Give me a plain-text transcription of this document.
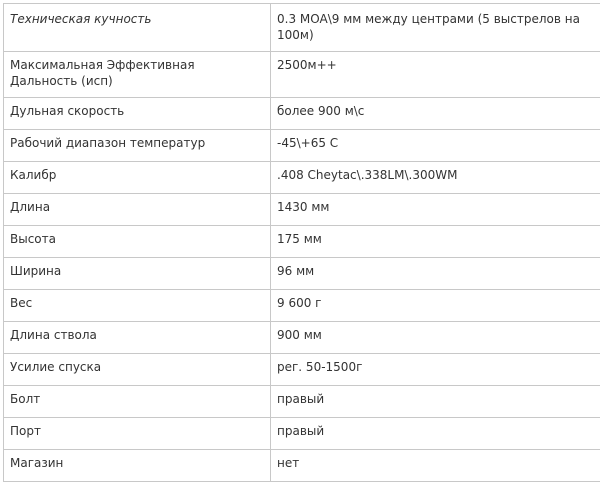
Техническая кучность	0.3 MOA\9 мм между центрами (5 выстрелов на 100м)
Максимальная Эффективная Дальность (исп)	2500м++
Дульная скорость	более 900 м\с
Рабочий диапазон температур	-45\+65 С
Калибр	.408 Cheytac\.338LM\.300WM
Длина	1430 мм
Высота	175 мм
Ширина	96 мм
Вес	9 600 г
Длина ствола	900 мм
Усилие спуска	рег. 50-1500г
Болт	правый
Порт	правый
Магазин	нет
